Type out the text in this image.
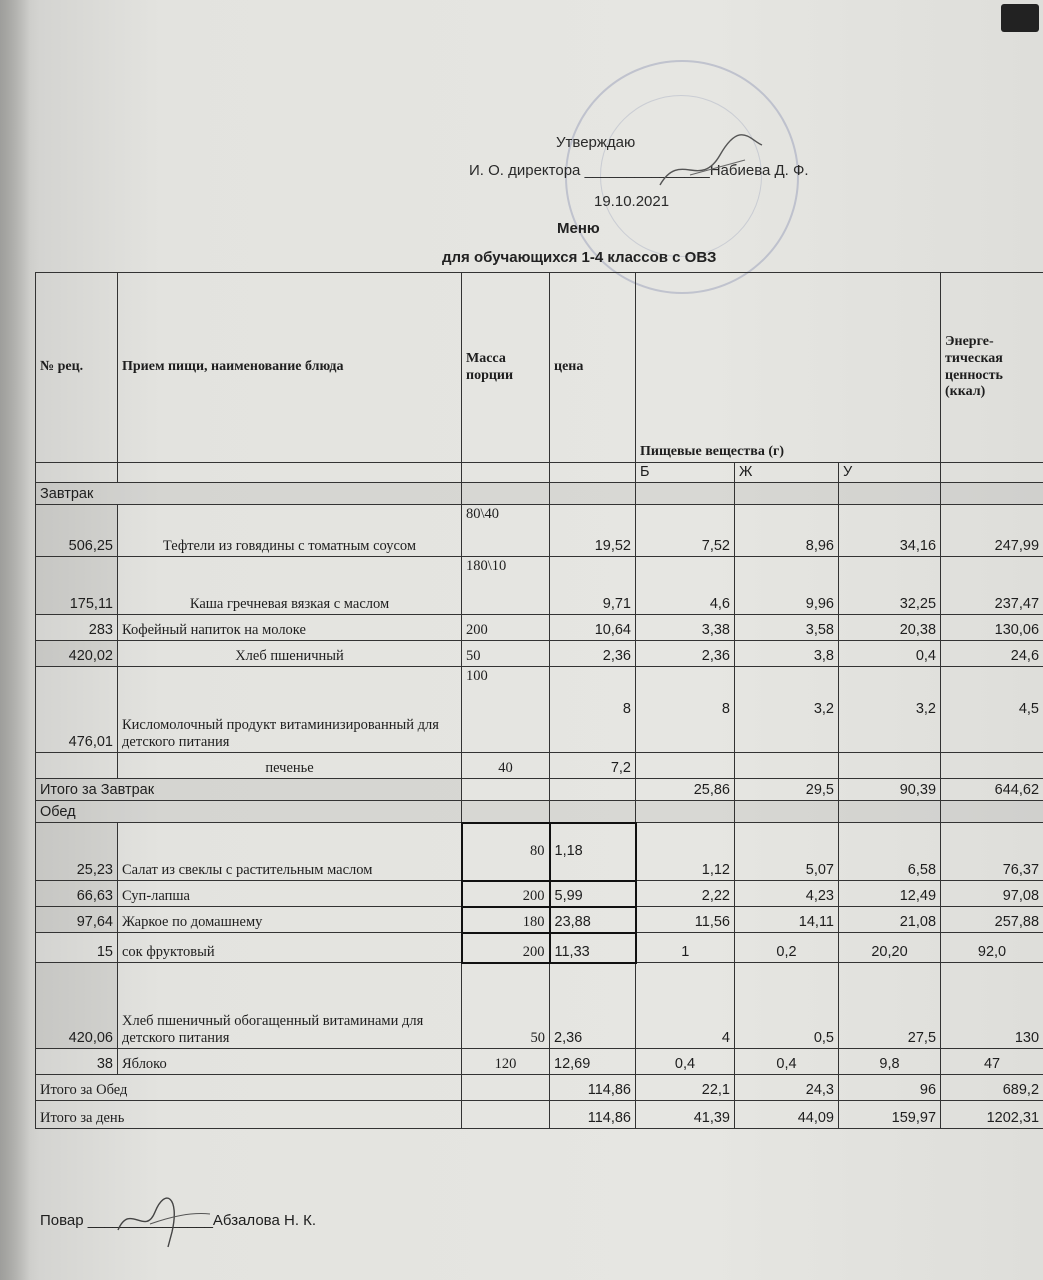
Утверждаю
И. О. директора _______________Набиева Д. Ф.
19.10.2021
Меню
для обучающихся 1-4 классов с ОВЗ
№ рец.	Прием пищи, наименование блюда	Масса порции	цена	Пищевые вещества (г)			Энерге-тическая ценность (ккал)
				Б	Ж	У	
Завтрак							
506,25	Тефтели из говядины с томатным соусом	80\40	19,52	7,52	8,96	34,16	247,99
175,11	Каша гречневая вязкая с маслом	180\10	9,71	4,6	9,96	32,25	237,47
283	Кофейный напиток на молоке	200	10,64	3,38	3,58	20,38	130,06
420,02	Хлеб пшеничный	50	2,36	2,36	3,8	0,4	24,6
476,01	Кисломолочный продукт витаминизированный для детского питания	100	8	8	3,2	3,2	4,5
	печенье	40	7,2				
Итого за Завтрак				25,86	29,5	90,39	644,62
Обед							
25,23	Салат из свеклы с растительным маслом	80	1,18	1,12	5,07	6,58	76,37
66,63	Суп-лапша	200	5,99	2,22	4,23	12,49	97,08
97,64	Жаркое по домашнему	180	23,88	11,56	14,11	21,08	257,88
15	сок фруктовый	200	11,33	1	0,2	20,20	92,0
420,06	Хлеб пшеничный обогащенный витаминами для детского питания	50	2,36	4	0,5	27,5	130
38	Яблоко	120	12,69	0,4	0,4	9,8	47
Итого за Обед			114,86	22,1	24,3	96	689,2
Итого за день			114,86	41,39	44,09	159,97	1202,31
Повар _______________Абзалова Н. К.
